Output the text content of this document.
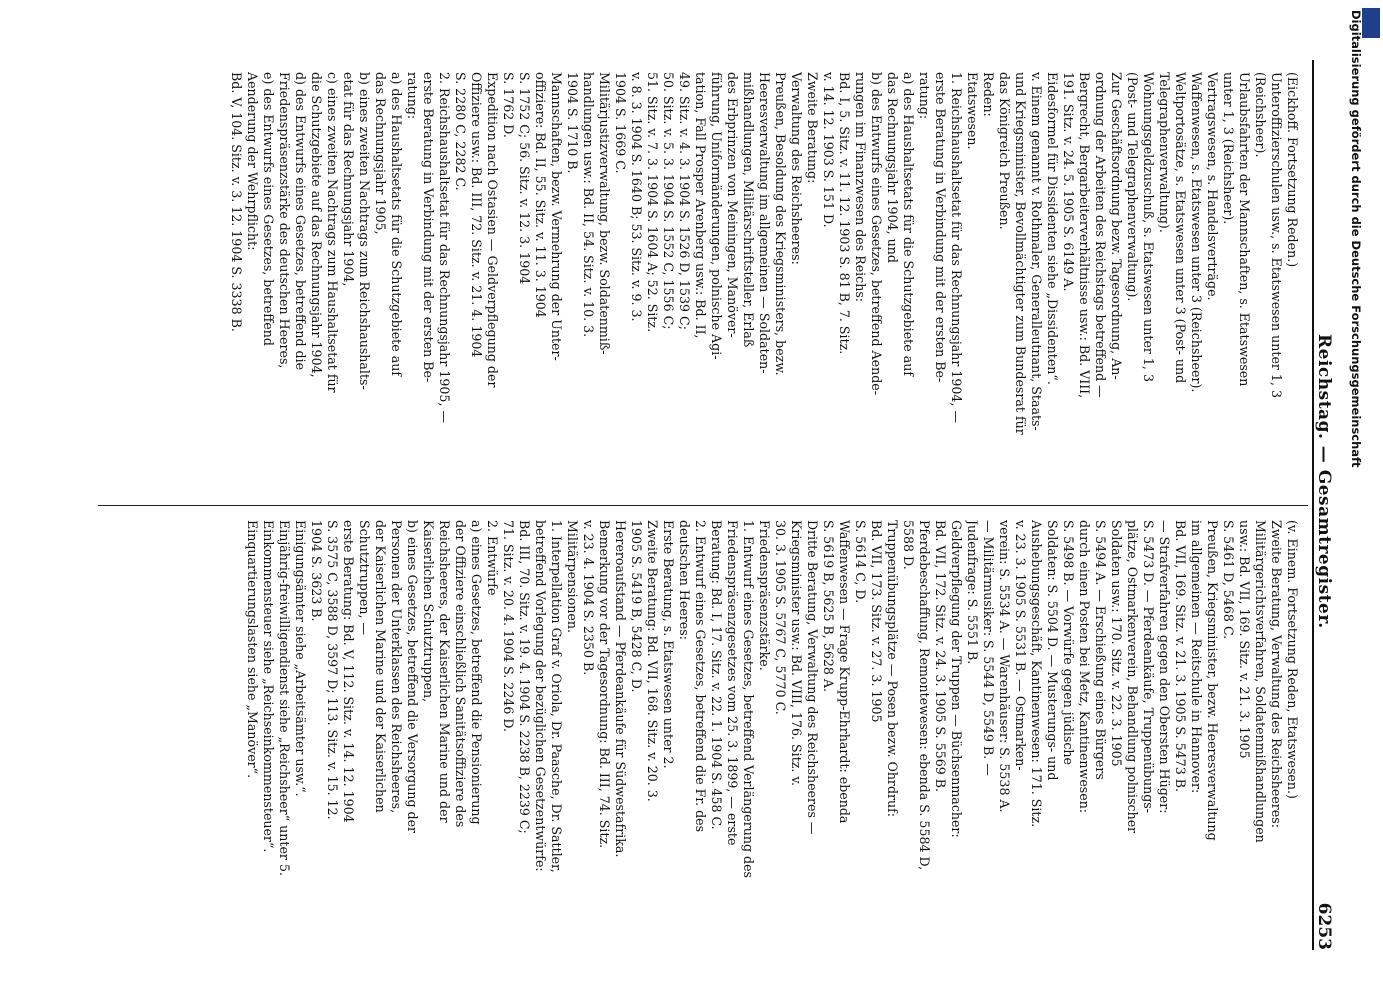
Reichstag. — Gesamtregister.
6253

(Eickhoff. Fortsetzung Reden.)

Unteroffizierschulen usw., s. Etatswesen unter 1, 3

(Reichsheer).

Urlaubsfahrten der Mannschaften, s. Etatswesen

unter 1, 3 (Reichsheer).

Vertragswesen, s. Handelsverträge.

Waffenwesen, s. Etatswesen unter 3 (Reichsheer).

Weltportosätze, s. Etatswesen unter 3 (Post- und

Telegraphenverwaltung).

Wohnungsgeldzuschuß, s. Etatswesen unter 1, 3

(Post- und Telegraphenverwaltung).

Zur Geschäftsordnung bezw. Tagesordnung, An-

ordnung der Arbeiten des Reichstags betreffend —

Bergrecht, Bergarbeiterverhältnisse usw.: Bd. VIII,

191. Sitz. v. 24. 5. 1905 S. 6149 A.

Eidesformel für Dissidenten siehe „Dissidenten“.

v. Einem genannt v. Rothmaler, Generalleutnant, Staats-

und Kriegsminister, Bevollmächtigter zum Bundesrat für

das Königreich Preußen.

Reden:

Etatswesen.

1. Reichshaushaltsetat für das Rechnungsjahr 1904, —

erste Beratung in Verbindung mit der ersten Be-

ratung:

a) des Haushaltsetats für die Schutzgebiete auf

das Rechnungsjahr 1904, und

b) des Entwurfs eines Gesetzes, betreffend Aende-

rungen im Finanzwesen des Reichs:

Bd. I, 5. Sitz. v. 11. 12. 1903 S. 81 B, 7. Sitz.

v. 14. 12. 1903 S. 151 D.

Zweite Beratung:

Verwaltung des Reichsheeres:

Preußen, Besoldung des Kriegsministers, bezw.

Heeresverwaltung im allgemeinen — Soldaten-

mißhandlungen, Militärschriftsteller, Erlaß

des Erbprinzen von Meiningen, Manöver-

führung, Uniformänderungen, polnische Agi-

tation, Fall Prosper Arenberg usw.: Bd. II,

49. Sitz. v. 4. 3. 1904 S. 1526 D, 1539 C;

50. Sitz. v. 5. 3. 1904 S. 1552 C, 1556 C;

51. Sitz. v. 7. 3. 1904 S. 1604 A; 52. Sitz.

v. 8. 3. 1904 S. 1640 B; 53. Sitz. v. 9. 3.

1904 S. 1669 C.

Militärjustizverwaltung, bezw. Soldatenmiß-

handlungen usw.: Bd. II, 54. Sitz. v. 10. 3.

1904 S. 1710 B.

Mannschaften, bezw. Vermehrung der Unter-

offiziere: Bd. II, 55. Sitz. v. 11. 3. 1904

S. 1752 C; 56. Sitz. v. 12. 3. 1904

S. 1762 D.

Expedition nach Ostasien — Geldverpflegung der

Offiziere usw.: Bd. III, 72. Sitz. v. 21. 4. 1904

S. 2280 C, 2282 C.

2. Reichshaushaltsetat für das Rechnungsjahr 1905, —

erste Beratung in Verbindung mit der ersten Be-

ratung:

a) des Haushaltsetats für die Schutzgebiete auf

das Rechnungsjahr 1905,

b) eines zweiten Nachtrags zum Reichshaushalts-

etat für das Rechnungsjahr 1904,

c) eines zweiten Nachtrags zum Haushaltsetat für

die Schutzgebiete auf das Rechnungsjahr 1904,

d) des Entwurfs eines Gesetzes, betreffend die

Friedenspräsenzstärke des deutschen Heeres,

e) des Entwurfs eines Gesetzes, betreffend

Aenderung der Wehrpflicht:

Bd. V, 104. Sitz. v. 3. 12. 1904 S. 3338 B.

(v. Einem. Fortsetzung Reden, Etatswesen.)

Zweite Beratung, Verwaltung des Reichsheeres:

Militärgerichtsverfahren, Soldatenmißhandlungen

usw.: Bd. VII, 169. Sitz. v. 21. 3. 1905

S. 5461 D, 5468 C.

Preußen, Kriegsminister, bezw. Heeresverwaltung

im allgemeinen — Reitschule in Hannover:

Bd. VII, 169. Sitz. v. 21. 3. 1905 S. 5473 B.

— Strafverfahren gegen den Obersten Hüger:

S. 5473 D. — Pferdeankäufe, Truppenübungs-

plätze, Ostmarkenverein, Behandlung polnischer

Soldaten usw.: 170. Sitz. v. 22. 3. 1905

S. 5494 A. — Erschießung eines Bürgers

durch einen Posten bei Metz, Kantinenwesen:

S. 5498 B. — Vorwürfe gegen jüdische

Soldaten: S. 5504 D. — Musterungs- und

Aushebungsgeschäft, Kantinenwesen: 171. Sitz.

v. 23. 3. 1905 S. 5531 B. — Ostmarken-

verein: S. 5534 A. — Warenhäuser: S. 5538 A.

— Militärmusiker: S. 5544 D, 5549 B. —

Judenfrage: S. 5551 B.

Geldverpflegung der Truppen — Büchsenmacher:

Bd. VII, 172. Sitz. v. 24. 3. 1905 S. 5569 B.

Pferdebeschaffung, Remontewesen: ebenda S. 5584 D,

5588 D.

Truppenübungsplätze — Posen bezw. Ohrdruf:

Bd. VII, 173. Sitz. v. 27. 3. 1905

S. 5614 C, D.

Waffenwesen — Frage Krupp-Ehrhardt: ebenda

S. 5619 B, 5625 B, 5628 A.

Dritte Beratung, Verwaltung des Reichsheeres —

Kriegsminister usw.: Bd. VIII, 176. Sitz. v.

30. 3. 1905 S. 5767 C, 5770 C.

Friedenspräsenzstärke.

1. Entwurf eines Gesetzes, betreffend Verlängerung des

Friedenspräsenzgesetzes vom 25. 3. 1899, — erste

Beratung: Bd. I, 17. Sitz. v. 22. 1. 1904 S. 458 C.

2. Entwurf eines Gesetzes, betreffend die Fr. des

deutschen Heeres:

Erste Beratung, s. Etatswesen unter 2.

Zweite Beratung: Bd. VII, 168. Sitz. v. 20. 3.

1905 S. 5419 B, 5428 C, D.

Hereroaufstand — Pferdeankäufe für Südwestafrika.

Bemerkung vor der Tagesordnung: Bd. III, 74. Sitz.

v. 23. 4. 1904 S. 2350 B.

Militärpensionen.

1. Interpellation Graf v. Oriola, Dr. Paasche, Dr. Sattler,

betreffend Vorlegung der bezüglichen Gesetzentwürfe:

Bd. III, 70. Sitz. v. 19. 4. 1904 S. 2238 B, 2239 C;

71. Sitz. v. 20. 4. 1904 S. 2246 D.

2. Entwürfe

a) eines Gesetzes, betreffend die Pensionierung

der Offiziere einschließlich Sanitätsoffiziere des

Reichsheeres, der Kaiserlichen Marine und der

Kaiserlichen Schutztruppen,

b) eines Gesetzes, betreffend die Versorgung der

Personen der Unterklassen des Reichsheeres,

der Kaiserlichen Marine und der Kaiserlichen

Schutztruppen, —

erste Beratung: Bd. V, 112. Sitz. v. 14. 12. 1904

S. 3575 C, 3588 D, 3597 D; 113. Sitz. v. 15. 12.

1904 S. 3623 B.

Einigungsämter siehe „Arbeitsämter usw.“.

Einjährig-freiwilligendienst siehe „Reichsheer“ unter 5.

Einkommensteuer siehe „Reichseinkommensteuer“.

Einquartierungslasten siehe „Manöver“.

Digitalisierung gefördert durch die Deutsche Forschungsgemeinschaft
